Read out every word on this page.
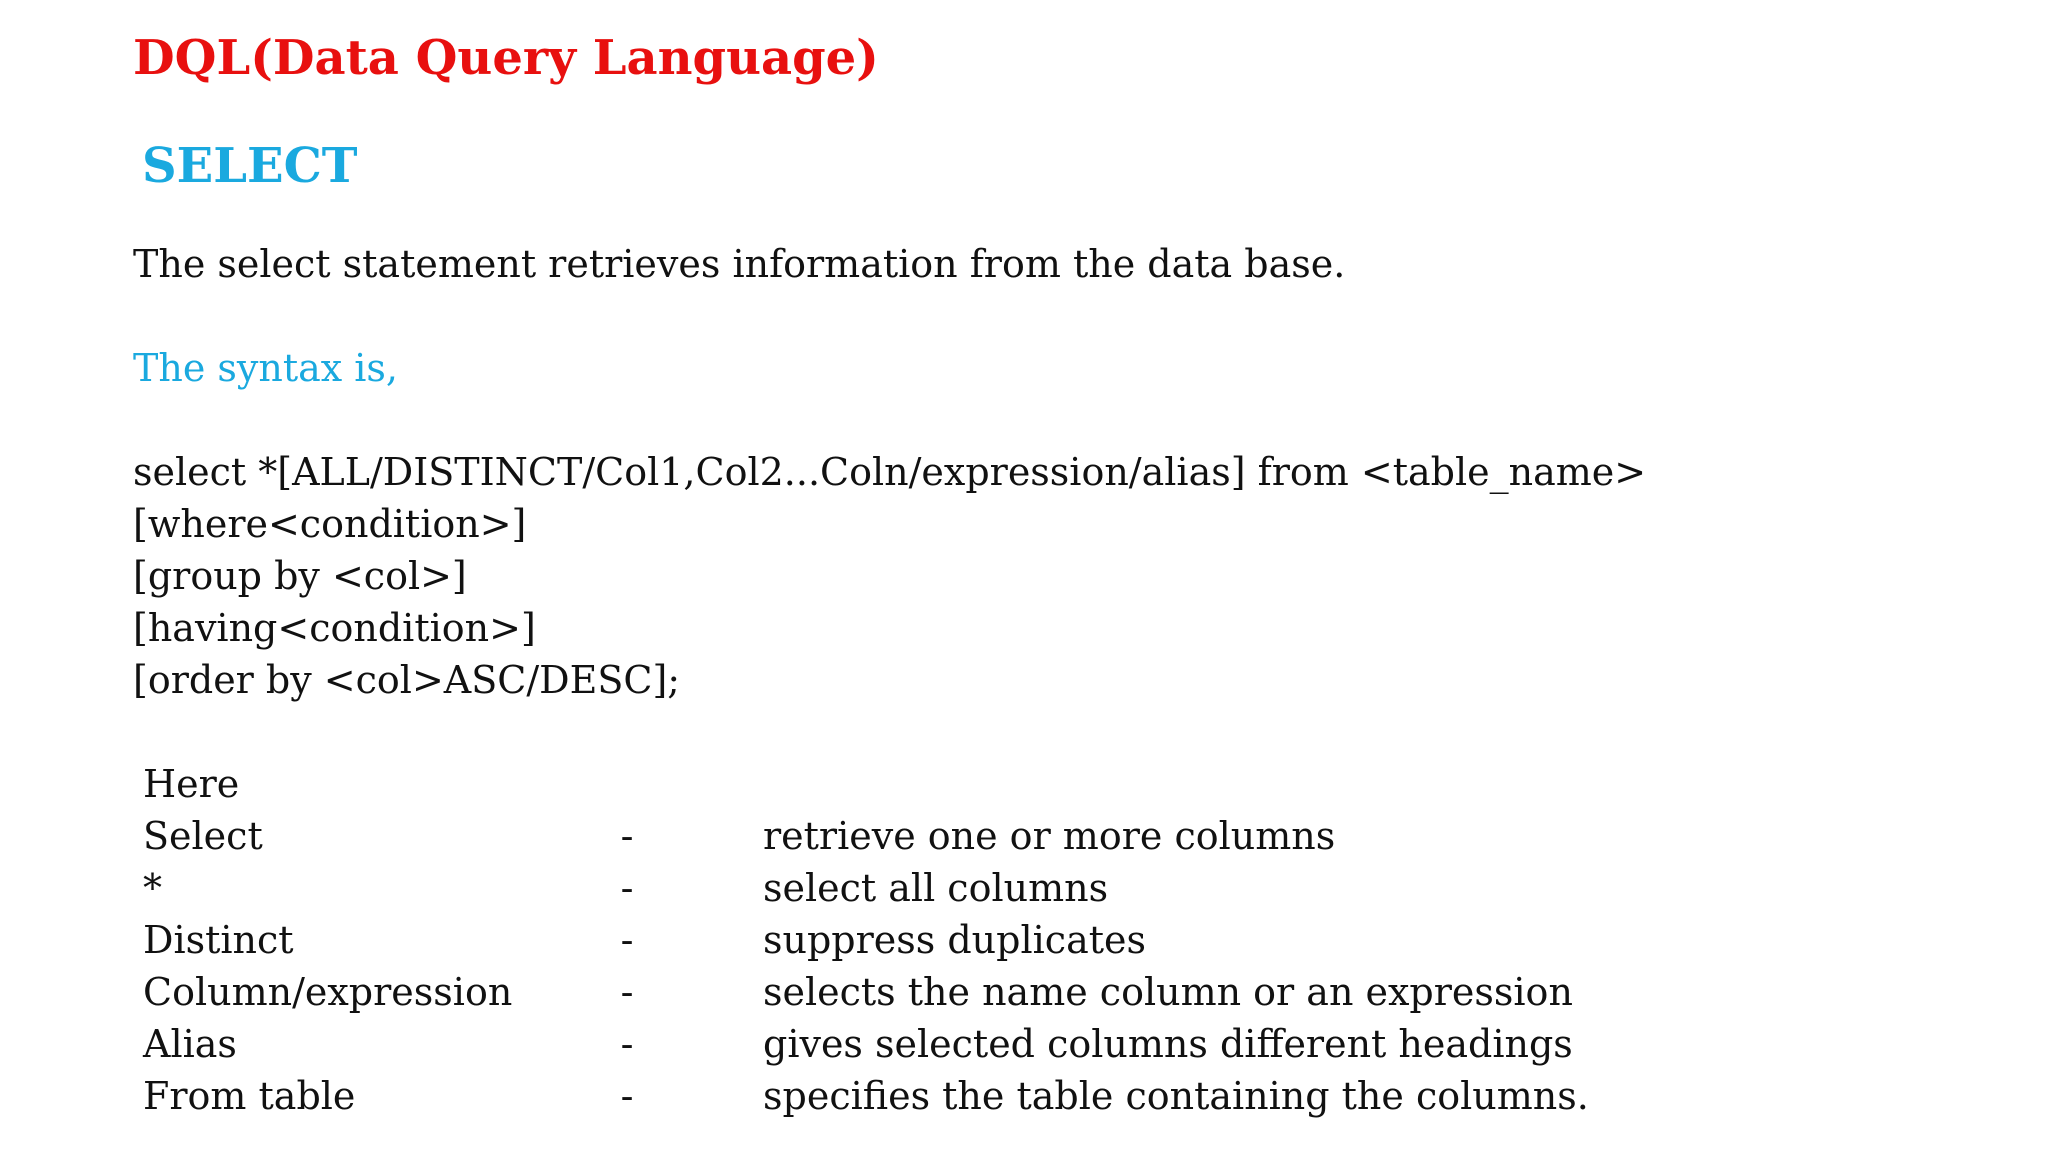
DQL(Data Query Language)
SELECT
The select statement retrieves information from the data base.
The syntax is,
select *[ALL/DISTINCT/Col1,Col2...Coln/expression/alias] from <table_name>
[where<condition>]
[group by <col>]
[having<condition>]
[order by <col>ASC/DESC];
Here
Select	-	retrieve one or more columns
*	-	select all columns
Distinct	-	suppress duplicates
Column/expression	-	selects the name column or an expression
Alias	-	gives selected columns different headings
From table	-	specifies the table containing the columns.
